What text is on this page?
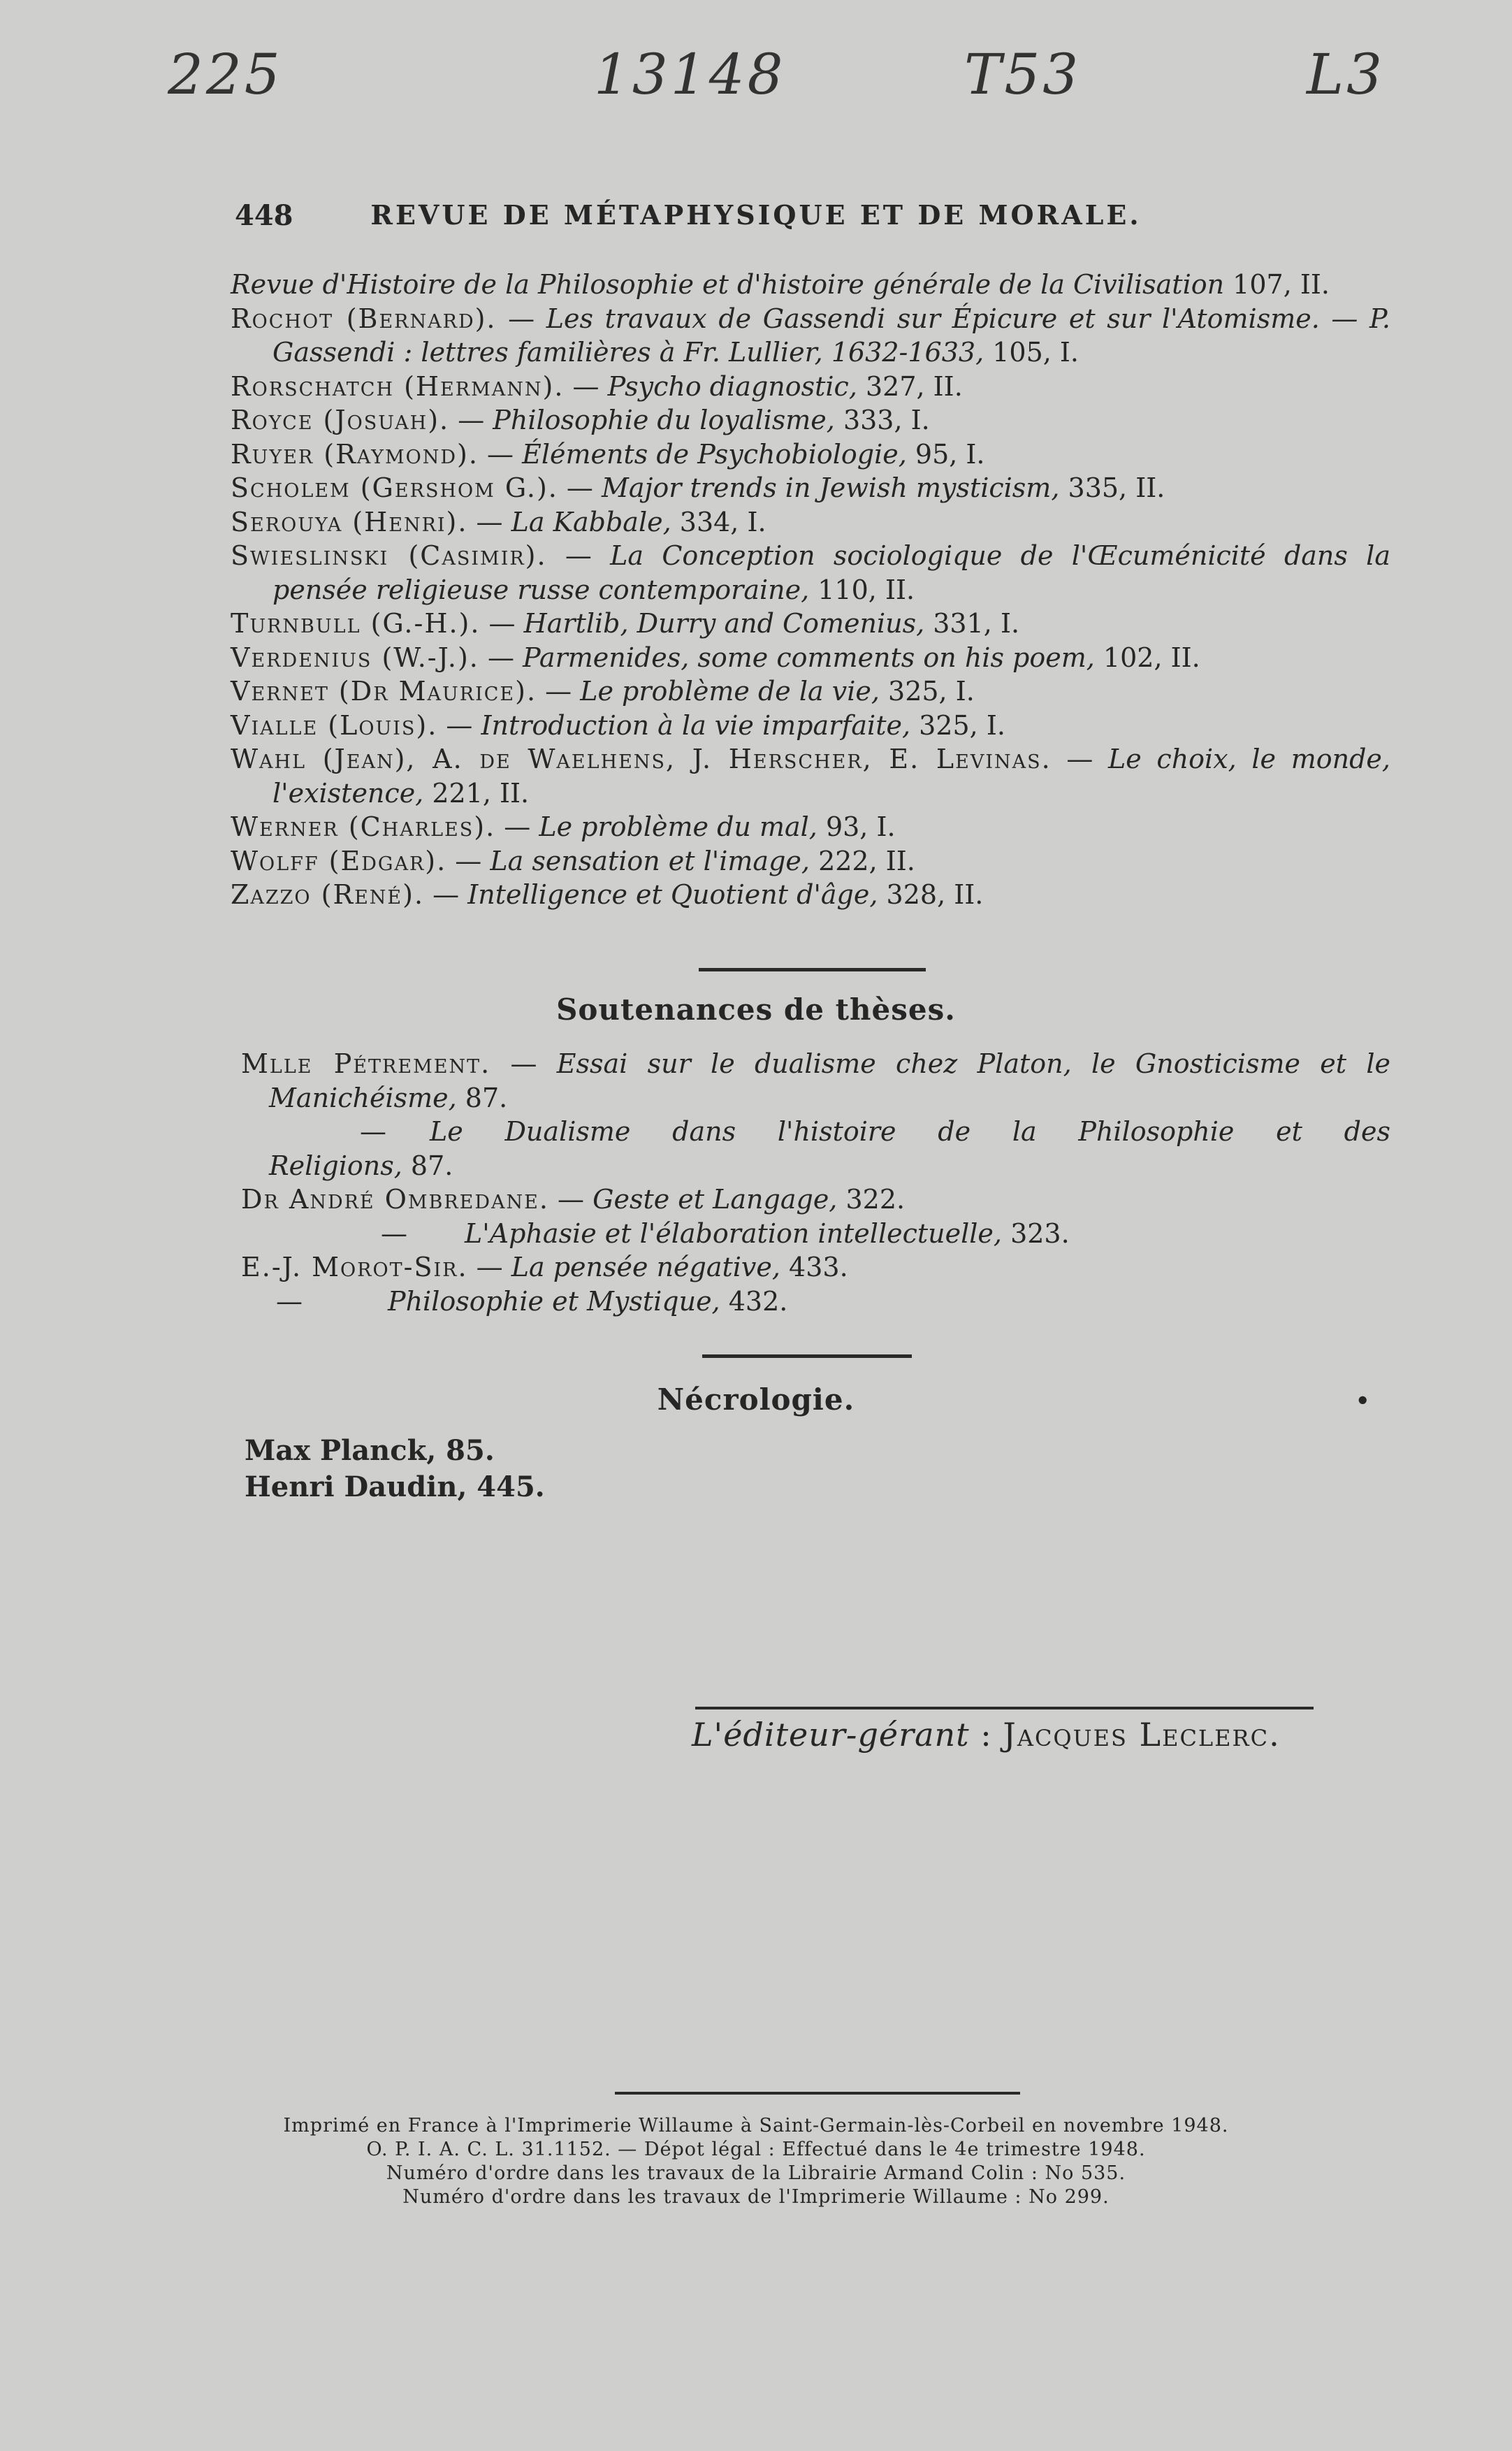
225	13148	T53	L3
448	REVUE DE MÉTAPHYSIQUE ET DE MORALE.
Revue d'Histoire de la Philosophie et d'histoire générale de la Civilisation 107, II.
Rochot (Bernard). — Les travaux de Gassendi sur Épicure et sur l'Atomisme. — P. Gassendi : lettres familières à Fr. Lullier, 1632-1633, 105, I.
Rorschatch (Hermann). — Psycho diagnostic, 327, II.
Royce (Josuah). — Philosophie du loyalisme, 333, I.
Ruyer (Raymond). — Éléments de Psychobiologie, 95, I.
Scholem (Gershom G.). — Major trends in Jewish mysticism, 335, II.
Serouya (Henri). — La Kabbale, 334, I.
Swieslinski (Casimir). — La Conception sociologique de l'Œcuménicité dans la pensée religieuse russe contemporaine, 110, II.
Turnbull (G.-H.). — Hartlib, Durry and Comenius, 331, I.
Verdenius (W.-J.). — Parmenides, some comments on his poem, 102, II.
Vernet (Dr Maurice). — Le problème de la vie, 325, I.
Vialle (Louis). — Introduction à la vie imparfaite, 325, I.
Wahl (Jean), A. de Waelhens, J. Herscher, E. Levinas. — Le choix, le monde, l'existence, 221, II.
Werner (Charles). — Le problème du mal, 93, I.
Wolff (Edgar). — La sensation et l'image, 222, II.
Zazzo (René). — Intelligence et Quotient d'âge, 328, II.
Soutenances de thèses.
Mlle Pétrement. — Essai sur le dualisme chez Platon, le Gnosticisme et le
Manichéisme, 87.
— Le Dualisme dans l'histoire de la Philosophie et des
Religions, 87.
Dr André Ombredane. — Geste et Langage, 322.
— L'Aphasie et l'élaboration intellectuelle, 323.
E.-J. Morot-Sir. — La pensée négative, 433.
—	Philosophie et Mystique, 432.
Nécrologie.	•
Max Planck, 85.
Henri Daudin, 445.
L'éditeur-gérant : Jacques Leclerc.
Imprimé en France à l'Imprimerie Willaume à Saint-Germain-lès-Corbeil en novembre 1948.
O. P. I. A. C. L. 31.1152. — Dépot légal : Effectué dans le 4e trimestre 1948.
Numéro d'ordre dans les travaux de la Librairie Armand Colin : No 535.
Numéro d'ordre dans les travaux de l'Imprimerie Willaume : No 299.
